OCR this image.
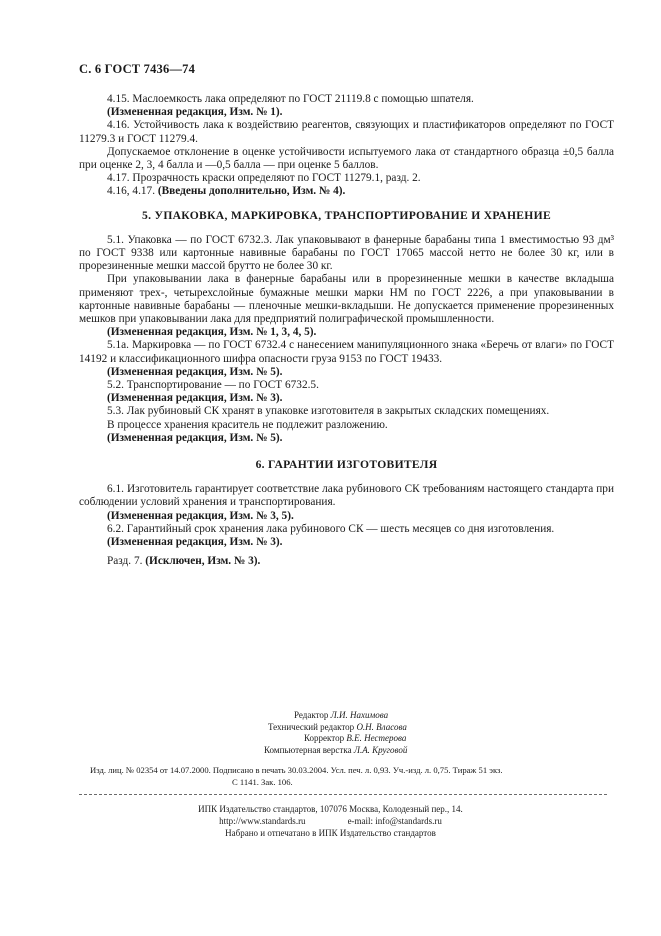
С. 6 ГОСТ 7436—74

4.15. Маслоемкость лака определяют по ГОСТ 21119.8 с помощью шпателя.

(Измененная редакция, Изм. № 1).

4.16. Устойчивость лака к воздействию реагентов, связующих и пластификаторов определяют по ГОСТ 11279.3 и ГОСТ 11279.4.

Допускаемое отклонение в оценке устойчивости испытуемого лака от стандартного образца ±0,5 балла при оценке 2, 3, 4 балла и —0,5 балла — при оценке 5 баллов.

4.17. Прозрачность краски определяют по ГОСТ 11279.1, разд. 2.

4.16, 4.17. (Введены дополнительно, Изм. № 4).

5. УПАКОВКА, МАРКИРОВКА, ТРАНСПОРТИРОВАНИЕ И ХРАНЕНИЕ

5.1. Упаковка — по ГОСТ 6732.3. Лак упаковывают в фанерные барабаны типа 1 вместимостью 93 дм³ по ГОСТ 9338 или картонные навивные барабаны по ГОСТ 17065 массой нетто не более 30 кг, или в прорезиненные мешки массой брутто не более 30 кг.

При упаковывании лака в фанерные барабаны или в прорезиненные мешки в качестве вкладыша применяют трех-, четырехслойные бумажные мешки марки НМ по ГОСТ 2226, а при упаковывании в картонные навивные барабаны — пленочные мешки-вкладыши. Не допускается применение прорезиненных мешков при упаковывании лака для предприятий полиграфической промышленности.

(Измененная редакция, Изм. № 1, 3, 4, 5).

5.1а. Маркировка — по ГОСТ 6732.4 с нанесением манипуляционного знака «Беречь от влаги» по ГОСТ 14192 и классификационного шифра опасности груза 9153 по ГОСТ 19433.

(Измененная редакция, Изм. № 5).

5.2. Транспортирование — по ГОСТ 6732.5.

(Измененная редакция, Изм. № 3).

5.3. Лак рубиновый СК хранят в упаковке изготовителя в закрытых складских помещениях.

В процессе хранения краситель не подлежит разложению.

(Измененная редакция, Изм. № 5).

6. ГАРАНТИИ ИЗГОТОВИТЕЛЯ

6.1. Изготовитель гарантирует соответствие лака рубинового СК требованиям настоящего стандарта при соблюдении условий хранения и транспортирования.

(Измененная редакция, Изм. № 3, 5).

6.2. Гарантийный срок хранения лака рубинового СК — шесть месяцев со дня изготовления.

(Измененная редакция, Изм. № 3).

Разд. 7. (Исключен, Изм. № 3).

Редактор Л.И. Нахимова
Технический редактор О.Н. Власова
Корректор В.Е. Нестерова
Компьютерная верстка Л.А. Круговой
Изд. лиц. № 02354 от 14.07.2000. Подписано в печать 30.03.2004. Усл. печ. л. 0,93. Уч.-изд. л. 0,75. Тираж 51 экз.
С 1141. Зак. 106.
ИПК Издательство стандартов, 107076 Москва, Колодезный пер., 14.
http://www.standards.ru	e-mail: info@standards.ru
Набрано и отпечатано в ИПК Издательство стандартов
